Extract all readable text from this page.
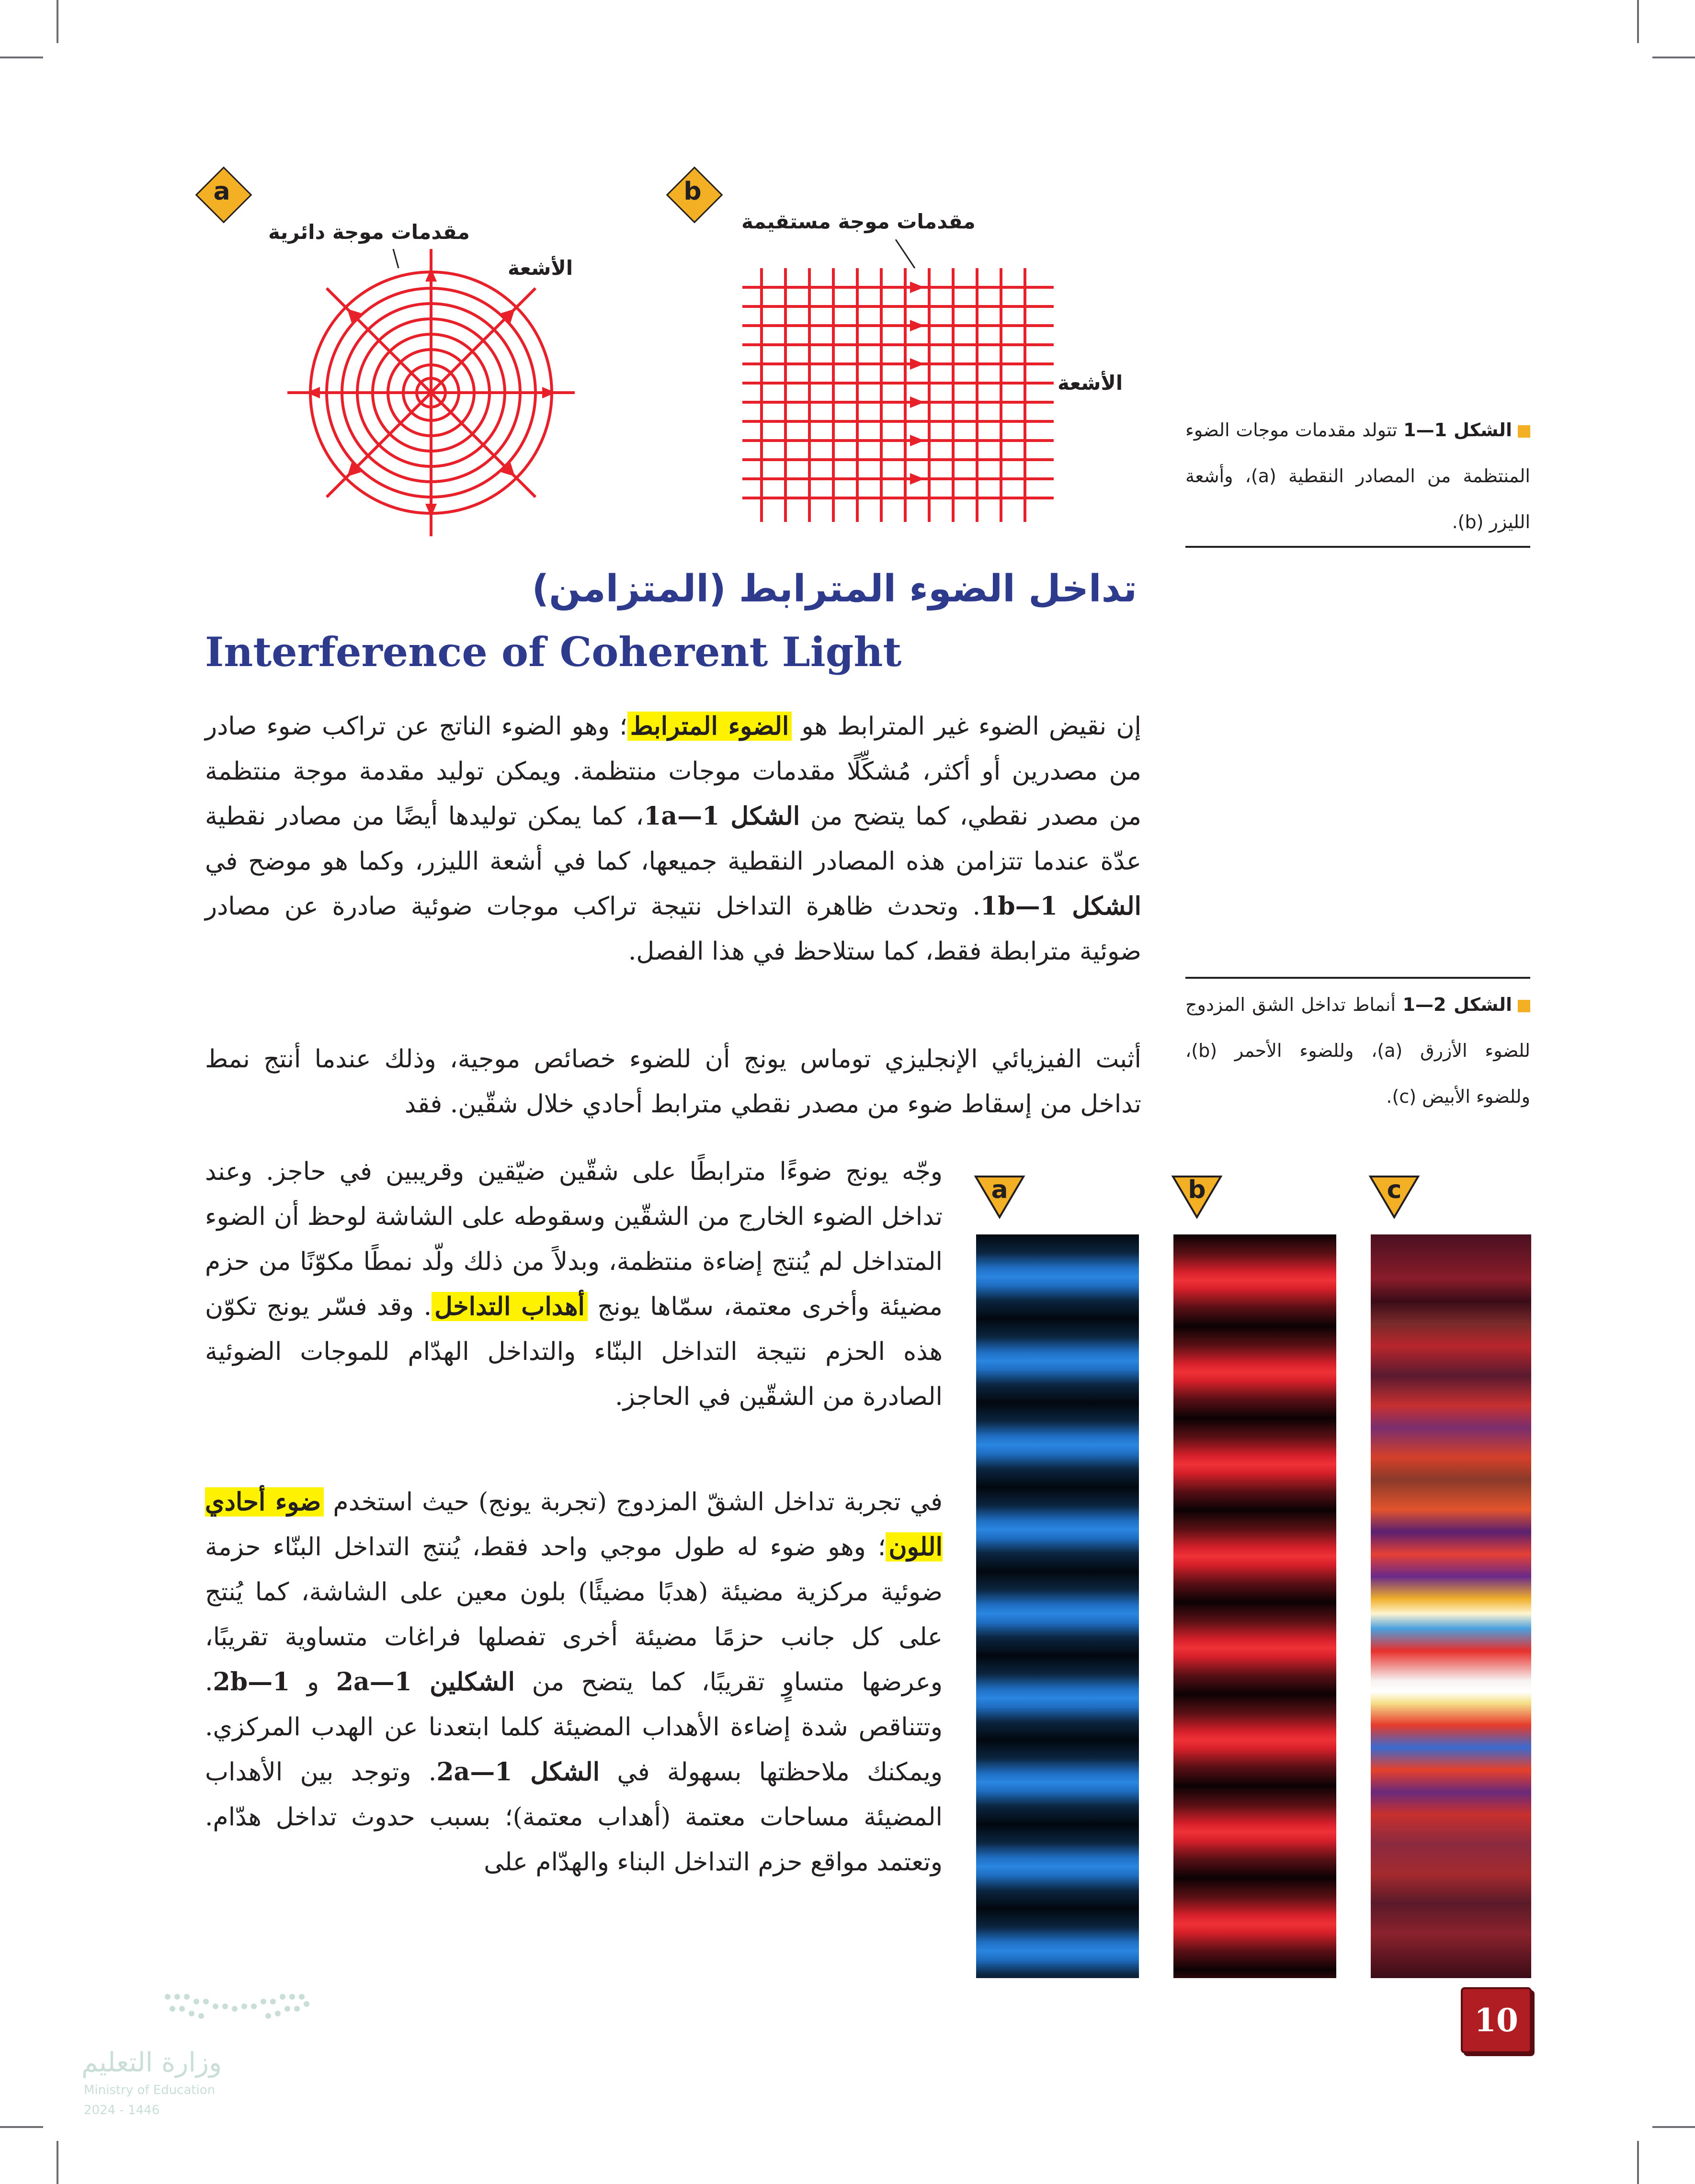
a
مقدمات موجة دائرية
الأشعة
b
مقدمات موجة مستقيمة
الأشعة
الشكل 1—1 تتولد مقدمات موجات الضوء المنتظمة من المصادر النقطية (a)، وأشعة الليزر (b).
تداخل الضوء المترابط (المتزامن)
Interference of Coherent Light
إن نقيض الضوء غير المترابط هو الضوء المترابط؛ وهو الضوء الناتج عن تراكب ضوء صادر من مصدرين أو أكثر، مُشكِّلًا مقدمات موجات منتظمة. ويمكن توليد مقدمة موجة منتظمة من مصدر نقطي، كما يتضح من الشكل 1a—1، كما يمكن توليدها أيضًا من مصادر نقطية عدّة عندما تتزامن هذه المصادر النقطية جميعها، كما في أشعة الليزر، وكما هو موضح في الشكل 1b—1. وتحدث ظاهرة التداخل نتيجة تراكب موجات ضوئية صادرة عن مصادر ضوئية مترابطة فقط، كما ستلاحظ في هذا الفصل.
الشكل 2—1 أنماط تداخل الشق المزدوج للضوء الأزرق (a)، وللضوء الأحمر (b)، وللضوء الأبيض (c).
أثبت الفيزيائي الإنجليزي توماس يونج أن للضوء خصائص موجية، وذلك عندما أنتج نمط تداخل من إسقاط ضوء من مصدر نقطي مترابط أحادي خلال شقّين. فقد
وجّه يونج ضوءًا مترابطًا على شقّين ضيّقين وقريبين في حاجز. وعند تداخل الضوء الخارج من الشقّين وسقوطه على الشاشة لوحظ أن الضوء المتداخل لم يُنتج إضاءة منتظمة، وبدلاً من ذلك ولّد نمطًا مكوّنًا من حزم مضيئة وأخرى معتمة، سمّاها يونج أهداب التداخل. وقد فسّر يونج تكوّن هذه الحزم نتيجة التداخل البنّاء والتداخل الهدّام للموجات الضوئية الصادرة من الشقّين في الحاجز.
في تجربة تداخل الشقّ المزدوج (تجربة يونج) حيث استخدم ضوء أحادي اللون؛ وهو ضوء له طول موجي واحد فقط، يُنتج التداخل البنّاء حزمة ضوئية مركزية مضيئة (هدبًا مضيئًا) بلون معين على الشاشة، كما يُنتج على كل جانب حزمًا مضيئة أخرى تفصلها فراغات متساوية تقريبًا، وعرضها متساوٍ تقريبًا، كما يتضح من الشكلين 2a—1 و 2b—1. وتتناقص شدة إضاءة الأهداب المضيئة كلما ابتعدنا عن الهدب المركزي. ويمكنك ملاحظتها بسهولة في الشكل 2a—1. وتوجد بين الأهداب المضيئة مساحات معتمة (أهداب معتمة)؛ بسبب حدوث تداخل هدّام. وتعتمد مواقع حزم التداخل البناء والهدّام على
a	b	c
10
وزارة التعليم
Ministry of Education
2024 - 1446
